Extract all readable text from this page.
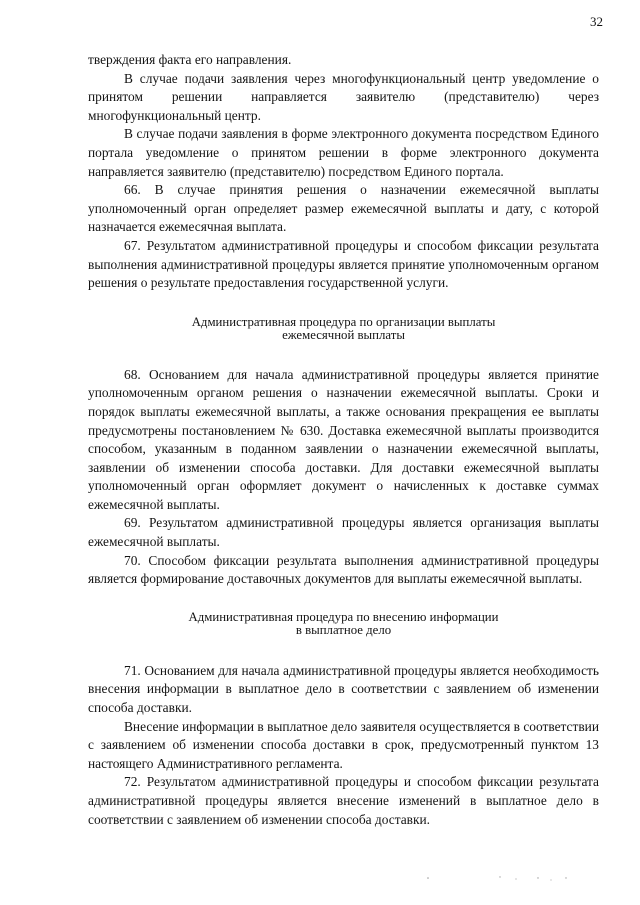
32

тверждения факта его направления.

В случае подачи заявления через многофункциональный центр уведомление о принятом решении направляется заявителю (представителю) через многофункциональный центр.

В случае подачи заявления в форме электронного документа посредством Единого портала уведомление о принятом решении в форме электронного документа направляется заявителю (представителю) посредством Единого портала.

66. В случае принятия решения о назначении ежемесячной выплаты уполномоченный орган определяет размер ежемесячной выплаты и дату, с которой назначается ежемесячная выплата.

67. Результатом административной процедуры и способом фиксации результата выполнения административной процедуры является принятие уполномоченным органом решения о результате предоставления государственной услуги.

Административная процедура по организации выплаты
ежемесячной выплаты

68. Основанием для начала административной процедуры является принятие уполномоченным органом решения о назначении ежемесячной выплаты. Сроки и порядок выплаты ежемесячной выплаты, а также основания прекращения ее выплаты предусмотрены постановлением № 630. Доставка ежемесячной выплаты производится способом, указанным в поданном заявлении о назначении ежемесячной выплаты, заявлении об изменении способа доставки. Для доставки ежемесячной выплаты уполномоченный орган оформляет документ о начисленных к доставке суммах ежемесячной выплаты.

69. Результатом административной процедуры является организация выплаты ежемесячной выплаты.

70. Способом фиксации результата выполнения административной процедуры является формирование доставочных документов для выплаты ежемесячной выплаты.

Административная процедура по внесению информации
в выплатное дело

71. Основанием для начала административной процедуры является необходимость внесения информации в выплатное дело в соответствии с заявлением об изменении способа доставки.

Внесение информации в выплатное дело заявителя осуществляется в соответствии с заявлением об изменении способа доставки в срок, предусмотренный пунктом 13 настоящего Административного регламента.

72. Результатом административной процедуры и способом фиксации результата административной процедуры является внесение изменений в выплатное дело в соответствии с заявлением об изменении способа доставки.
